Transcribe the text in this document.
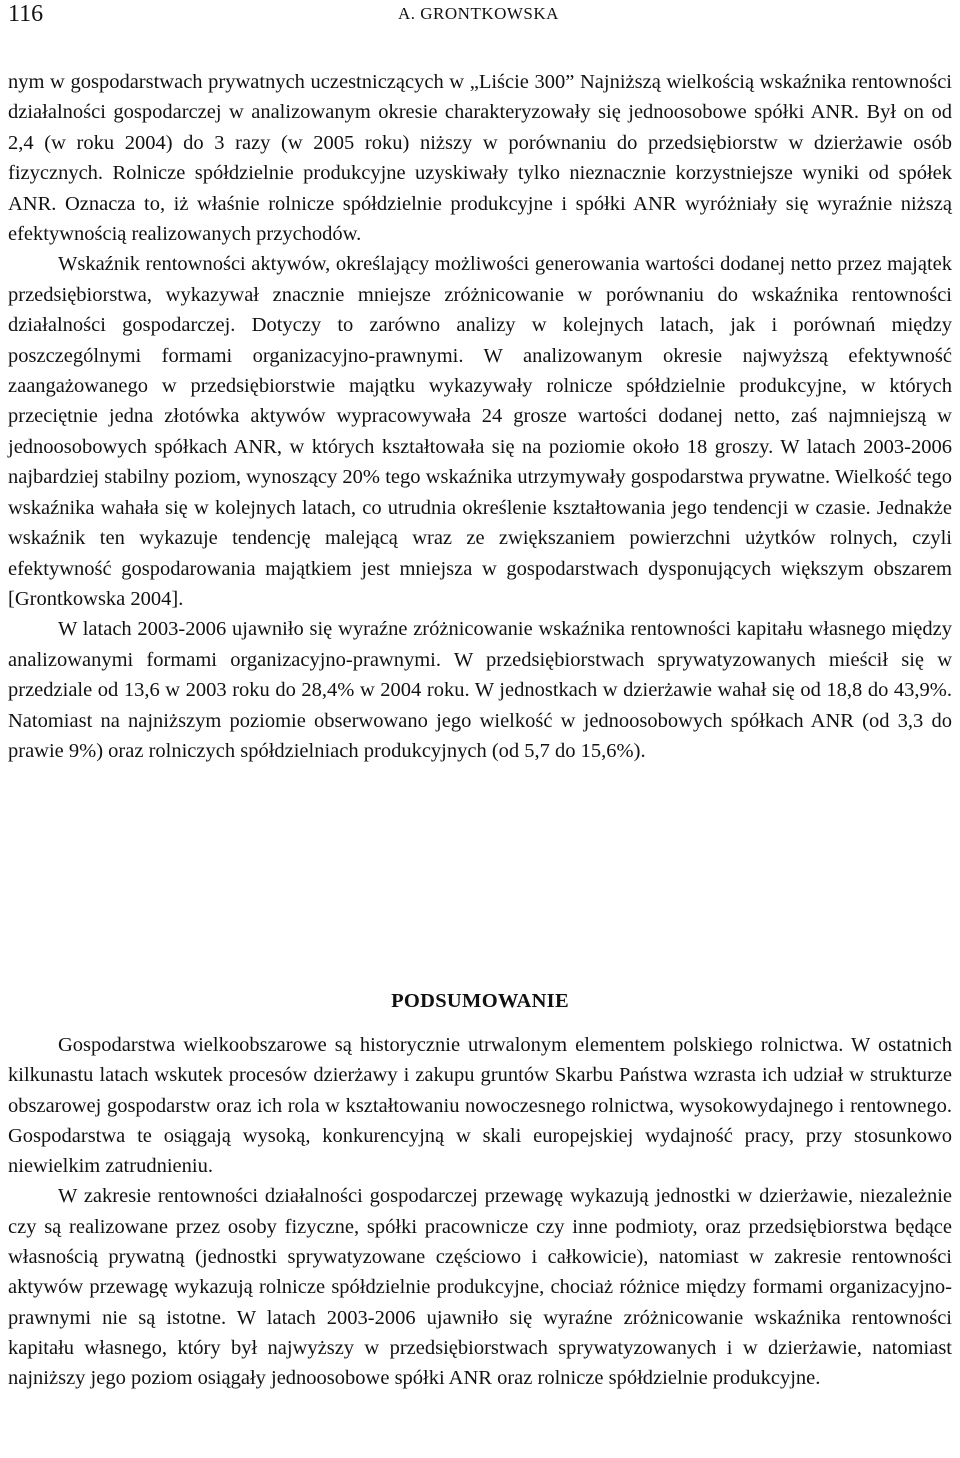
116	A. GRONTKOWSKA

nym w gospodarstwach prywatnych uczestniczących w „Liście 300” Najniższą wielkością wskaźnika rentowności działalności gospodarczej w analizowanym okresie charakteryzowały się jednoosobowe spółki ANR. Był on od 2,4 (w roku 2004) do 3 razy (w 2005 roku) niższy w porównaniu do przedsiębiorstw w dzierżawie osób fizycznych. Rolnicze spółdzielnie produkcyjne uzyskiwały tylko nieznacznie korzystniejsze wyniki od spółek ANR. Oznacza to, iż właśnie rolnicze spółdzielnie produkcyjne i spółki ANR wyróżniały się wyraźnie niższą efektywnością realizowanych przychodów.

Wskaźnik rentowności aktywów, określający możliwości generowania wartości dodanej netto przez majątek przedsiębiorstwa, wykazywał znacznie mniejsze zróżnicowanie w porównaniu do wskaźnika rentowności działalności gospodarczej. Dotyczy to zarówno analizy w kolejnych latach, jak i porównań między poszczególnymi formami organizacyjno-prawnymi. W analizowanym okresie najwyższą efektywność zaangażowanego w przedsiębiorstwie majątku wykazywały rolnicze spółdzielnie produkcyjne, w których przeciętnie jedna złotówka aktywów wypracowywała 24 grosze wartości dodanej netto, zaś najmniejszą w jednoosobowych spółkach ANR, w których kształtowała się na poziomie około 18 groszy. W latach 2003-2006 najbardziej stabilny poziom, wynoszący 20% tego wskaźnika utrzymywały gospodarstwa prywatne. Wielkość tego wskaźnika wahała się w kolejnych latach, co utrudnia określenie kształtowania jego tendencji w czasie. Jednakże wskaźnik ten wykazuje tendencję malejącą wraz ze zwiększaniem powierzchni użytków rolnych, czyli efektywność gospodarowania majątkiem jest mniejsza w gospodarstwach dysponujących większym obszarem [Grontkowska 2004].

W latach 2003-2006 ujawniło się wyraźne zróżnicowanie wskaźnika rentowności kapitału własnego między analizowanymi formami organizacyjno-prawnymi. W przedsiębiorstwach sprywatyzowanych mieścił się w przedziale od 13,6 w 2003 roku do 28,4% w 2004 roku. W jednostkach w dzierżawie wahał się od 18,8 do 43,9%. Natomiast na najniższym poziomie obserwowano jego wielkość w jednoosobowych spółkach ANR (od 3,3 do prawie 9%) oraz rolniczych spółdzielniach produkcyjnych (od 5,7 do 15,6%).

PODSUMOWANIE

Gospodarstwa wielkoobszarowe są historycznie utrwalonym elementem polskiego rolnictwa. W ostatnich kilkunastu latach wskutek procesów dzierżawy i zakupu gruntów Skarbu Państwa wzrasta ich udział w strukturze obszarowej gospodarstw oraz ich rola w kształtowaniu nowoczesnego rolnictwa, wysokowydajnego i rentownego. Gospodarstwa te osiągają wysoką, konkurencyjną w skali europejskiej wydajność pracy, przy stosunkowo niewielkim zatrudnieniu.

W zakresie rentowności działalności gospodarczej przewagę wykazują jednostki w dzierżawie, niezależnie czy są realizowane przez osoby fizyczne, spółki pracownicze czy inne podmioty, oraz przedsiębiorstwa będące własnością prywatną (jednostki sprywatyzowane częściowo i całkowicie), natomiast w zakresie rentowności aktywów przewagę wykazują rolnicze spółdzielnie produkcyjne, chociaż różnice między formami organizacyjno-prawnymi nie są istotne. W latach 2003-2006 ujawniło się wyraźne zróżnicowanie wskaźnika rentowności kapitału własnego, który był najwyższy w przedsiębiorstwach sprywatyzowanych i w dzierżawie, natomiast najniższy jego poziom osiągały jednoosobowe spółki ANR oraz rolnicze spółdzielnie produkcyjne.
